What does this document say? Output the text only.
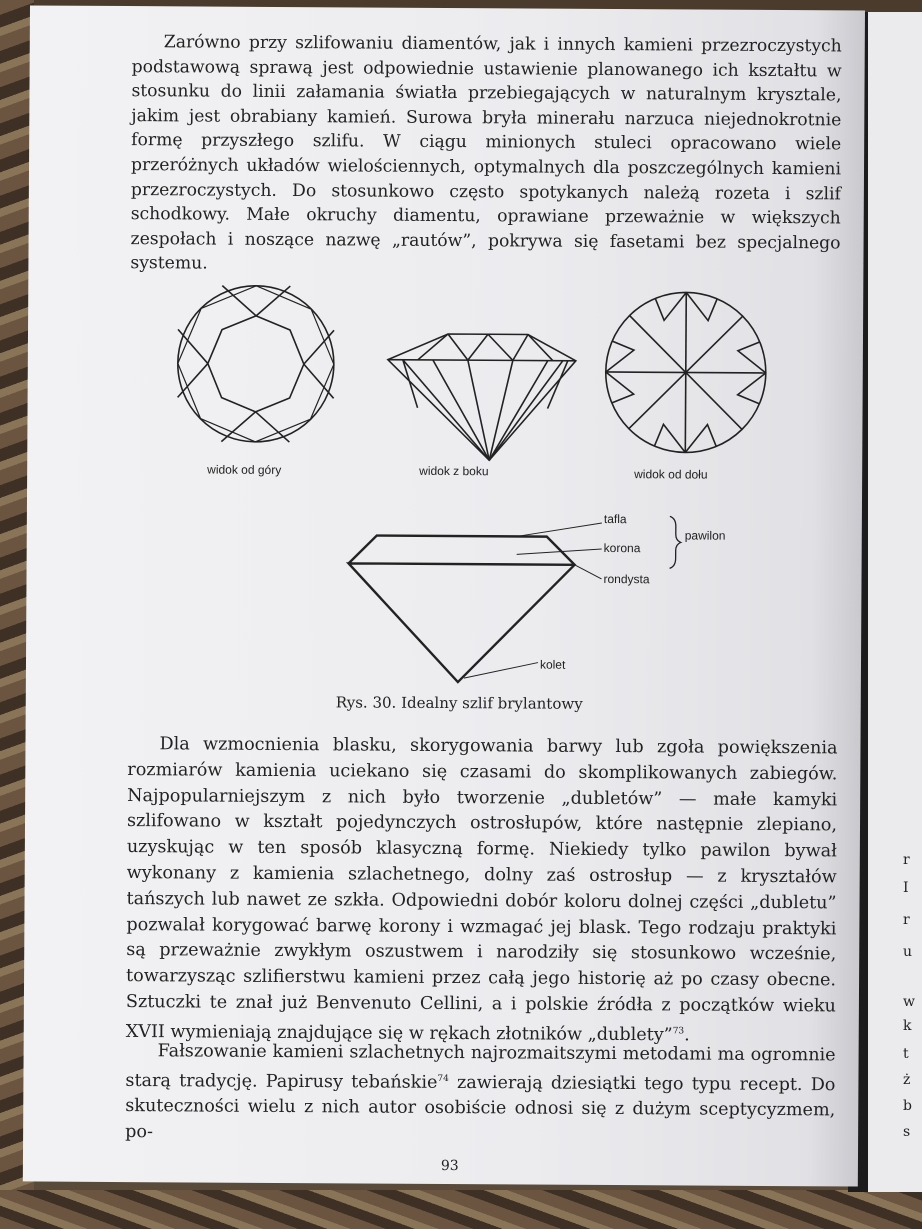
r
I
r
u
w
k
t
ż
b
s

Zarówno przy szlifowaniu diamentów, jak i innych kamieni przezroczystych podstawową sprawą jest odpowiednie ustawienie planowanego ich kształtu w stosunku do linii załamania światła przebiegających w naturalnym krysztale, jakim jest obrabiany kamień. Surowa bryła minerału narzuca niejednokrotnie formę przyszłego szlifu. W ciągu minionych stuleci opracowano wiele przeróżnych układów wielościennych, optymalnych dla poszczególnych kamieni przezroczystych. Do stosunkowo często spotykanych należą rozeta i szlif schodkowy. Małe okruchy diamentu, oprawiane przeważnie w większych zespołach i noszące nazwę „rautów”, pokrywa się fasetami bez specjalnego systemu.

widok od góry	widok z boku	widok od dołu
tafla
korona
pawilon
rondysta
kolet
Rys. 30. Idealny szlif brylantowy

Dla wzmocnienia blasku, skorygowania barwy lub zgoła powiększenia rozmiarów kamienia uciekano się czasami do skomplikowanych zabiegów. Najpopularniejszym z nich było tworzenie „dubletów” — małe kamyki szlifowano w kształt pojedynczych ostrosłupów, które następnie zlepiano, uzyskując w ten sposób klasyczną formę. Niekiedy tylko pawilon bywał wykonany z kamienia szlachetnego, dolny zaś ostrosłup — z kryształów tańszych lub nawet ze szkła. Odpowiedni dobór koloru dolnej części „dubletu” pozwalał korygować barwę korony i wzmagać jej blask. Tego rodzaju praktyki są przeważnie zwykłym oszustwem i narodziły się stosunkowo wcześnie, towarzysząc szlifierstwu kamieni przez całą jego historię aż po czasy obecne. Sztuczki te znał już Benvenuto Cellini, a i polskie źródła z początków wieku XVII wymieniają znajdujące się w rękach złotników „dublety”$^{73}$.

Fałszowanie kamieni szlachetnych najrozmaitszymi metodami ma ogromnie starą tradycję. Papirusy tebańskie$^{74}$ zawierają dziesiątki tego typu recept. Do skuteczności wielu z nich autor osobiście odnosi się z dużym sceptycyzmem, po-

93
